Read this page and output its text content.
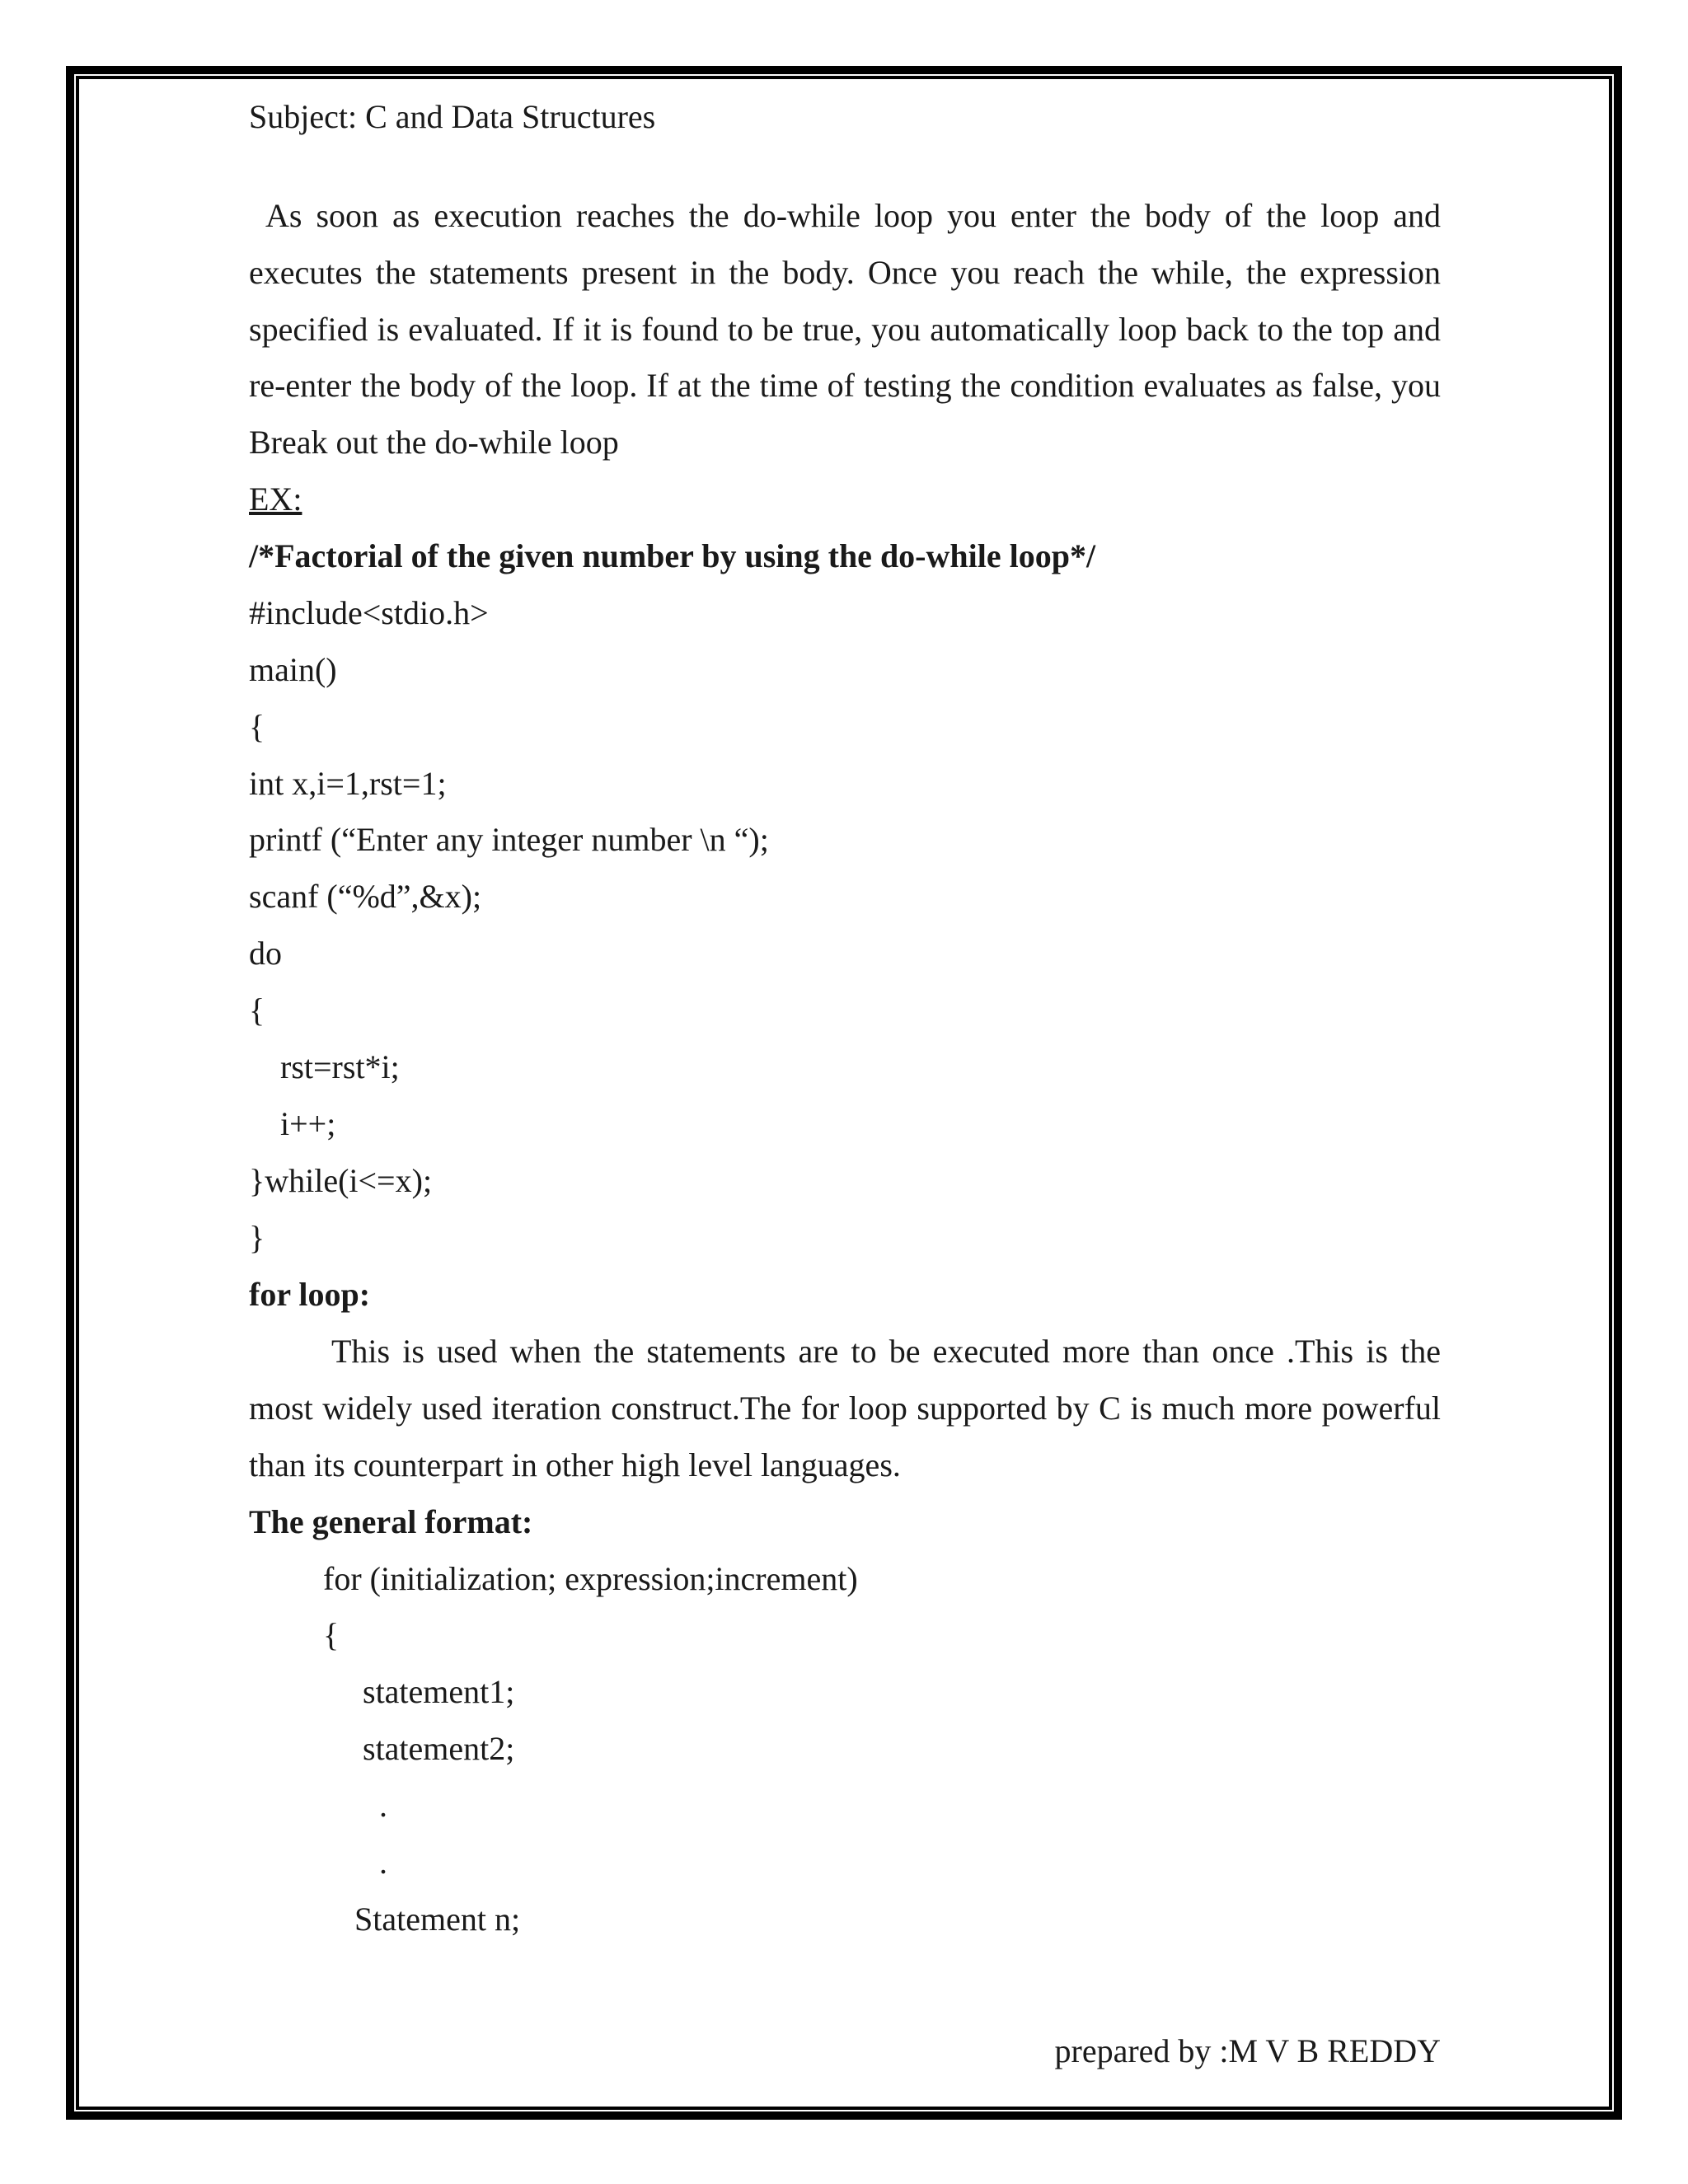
Subject: C and Data Structures
As soon as execution reaches the do-while loop you enter the body of the loop and
executes the statements present in the body. Once you reach the while, the expression
specified is evaluated. If it is found to be true, you automatically loop back to the top and
re-enter the body of the loop. If at the time of testing the condition evaluates as false, you
Break out the do-while loop
EX:
/*Factorial of the given number by using the do-while loop*/
#include<stdio.h>
main()
{
int x,i=1,rst=1;
printf (“Enter any integer number \n “);
scanf (“%d”,&x);
do
{
rst=rst*i;
i++;
}while(i<=x);
}
for loop:
This is used when the statements are to be executed more than once .This is the
most widely used iteration construct.The for loop supported by C is much more powerful
than its counterpart in other high level languages.
The general format:
for (initialization; expression;increment)
{
statement1;
statement2;
.
.
Statement n;
prepared by :M V B REDDY
